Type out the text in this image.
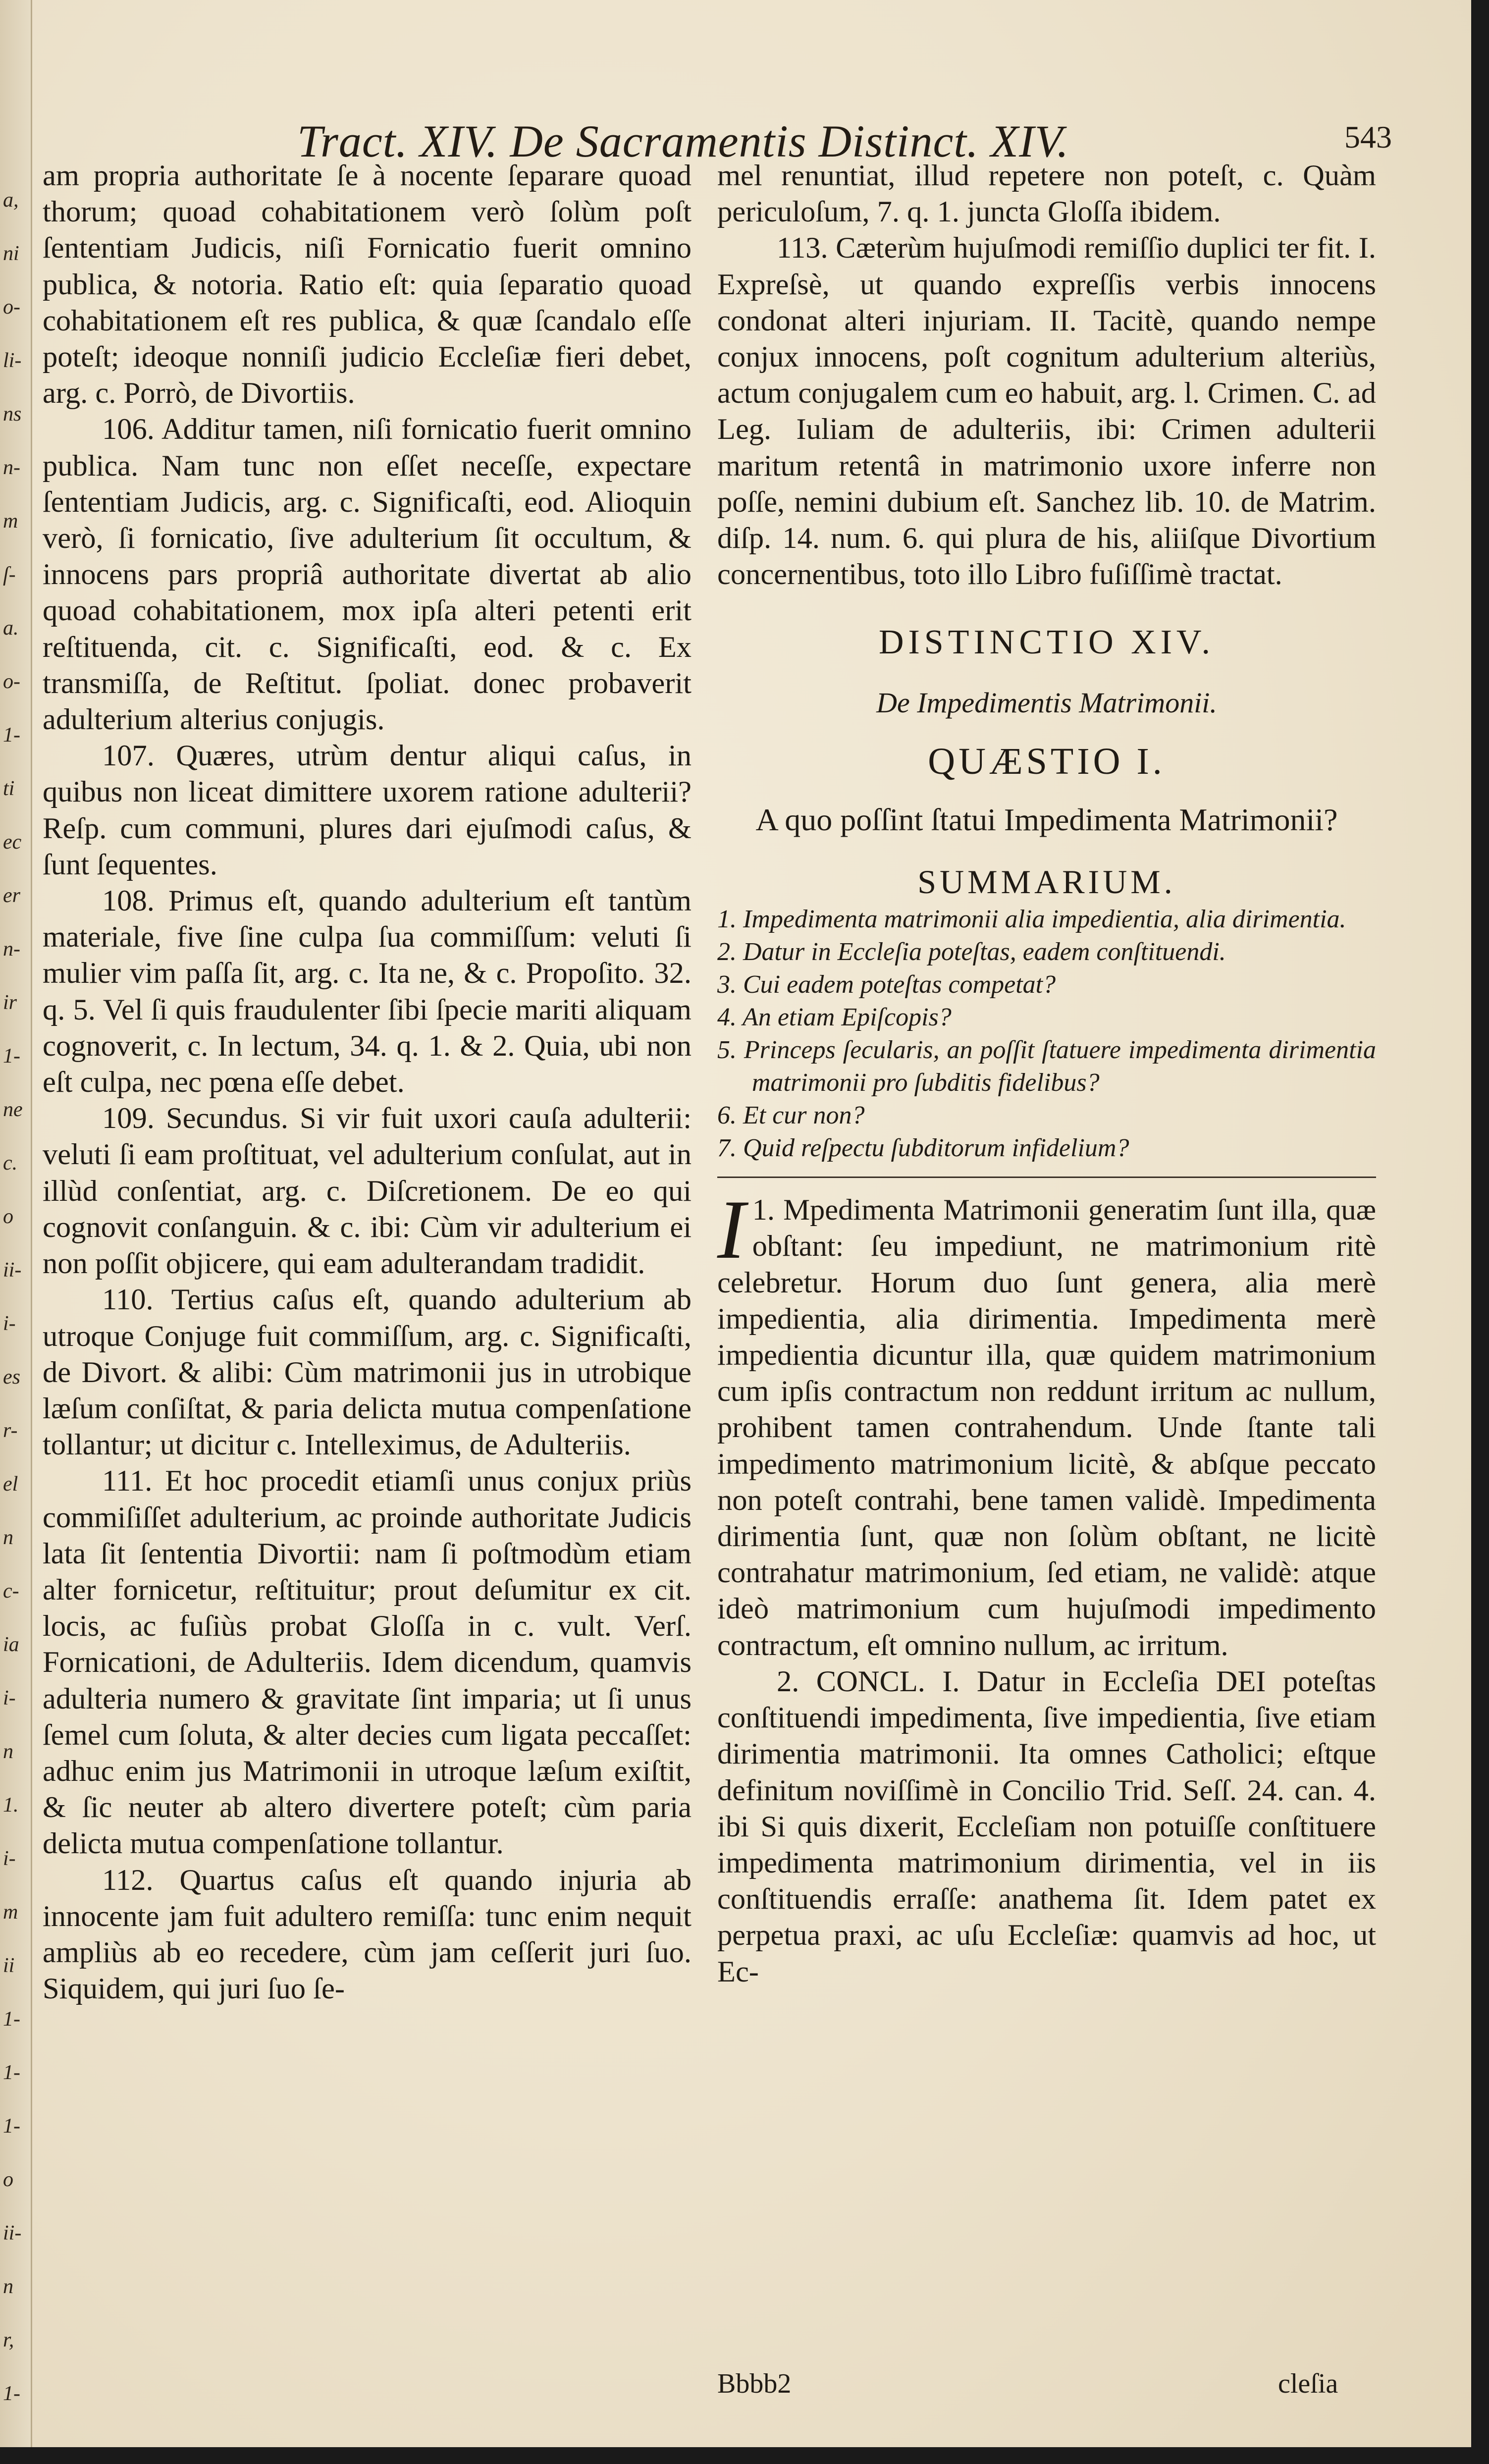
a,
ni
o-
li-
ns
n-
m
ſ-
a.
o-
1-
ti
ec
er
n-
ir
1-
ne
c.
o
ii-
i-
es
r-
el
n
c-
ia
i-
n
1.
i-
m
ii
1-
1-
1-
o
ii-
n
r,
1-
Tract. XIV. De Sacramentis Distinct. XIV.	543

am propria authoritate ſe à nocente ſeparare quoad thorum; quoad cohabitationem verò ſolùm poſt ſententiam Judicis, niſi Fornicatio fuerit omnino publica, & notoria. Ratio eſt: quia ſeparatio quoad cohabitationem eſt res publica, & quæ ſcandalo eſſe poteſt; ideoque nonniſi judicio Eccleſiæ fieri debet, arg. c. Porrò, de Divortiis.

106. Additur tamen, niſi fornicatio fuerit omnino publica. Nam tunc non eſſet neceſſe, expectare ſententiam Judicis, arg. c. Significaſti, eod. Alioquin verò, ſi fornicatio, ſive adulterium ſit occultum, & innocens pars propriâ authoritate divertat ab alio quoad cohabitationem, mox ipſa alteri petenti erit reſtituenda, cit. c. Significaſti, eod. & c. Ex transmiſſa, de Reſtitut. ſpoliat. donec probaverit adulterium alterius conjugis.

107. Quæres, utrùm dentur aliqui caſus, in quibus non liceat dimittere uxorem ratione adulterii? Reſp. cum communi, plures dari ejuſmodi caſus, & ſunt ſequentes.

108. Primus eſt, quando adulterium eſt tantùm materiale, five ſine culpa ſua commiſſum: veluti ſi mulier vim paſſa ſit, arg. c. Ita ne, & c. Propoſito. 32. q. 5. Vel ſi quis fraudulenter ſibi ſpecie mariti aliquam cognoverit, c. In lectum, 34. q. 1. & 2. Quia, ubi non eſt culpa, nec pœna eſſe debet.

109. Secundus. Si vir fuit uxori cauſa adulterii: veluti ſi eam proſtituat, vel adulterium conſulat, aut in illùd conſentiat, arg. c. Diſcretionem. De eo qui cognovit conſanguin. & c. ibi: Cùm vir adulterium ei non poſſit objicere, qui eam adulterandam tradidit.

110. Tertius caſus eſt, quando adulterium ab utroque Conjuge fuit commiſſum, arg. c. Significaſti, de Divort. & alibi: Cùm matrimonii jus in utrobique læſum conſiſtat, & paria delicta mutua compenſatione tollantur; ut dicitur c. Intelleximus, de Adulteriis.

111. Et hoc procedit etiamſi unus conjux priùs commiſiſſet adulterium, ac proinde authoritate Judicis lata ſit ſententia Divortii: nam ſi poſtmodùm etiam alter fornicetur, reſtituitur; prout deſumitur ex cit. locis, ac fuſiùs probat Gloſſa in c. vult. Verſ. Fornicationi, de Adulteriis. Idem dicendum, quamvis adulteria numero & gravitate ſint imparia; ut ſi unus ſemel cum ſoluta, & alter decies cum ligata peccaſſet: adhuc enim jus Matrimonii in utroque læſum exiſtit, & ſic neuter ab altero divertere poteſt; cùm paria delicta mutua compenſatione tollantur.

112. Quartus caſus eſt quando injuria ab innocente jam fuit adultero remiſſa: tunc enim nequit ampliùs ab eo recedere, cùm jam ceſſerit juri ſuo. Siquidem, qui juri ſuo ſe-

mel renuntiat, illud repetere non poteſt, c. Quàm periculoſum, 7. q. 1. juncta Gloſſa ibidem.

113. Cæterùm hujuſmodi remiſſio duplici ter fit. I. Expreſsè, ut quando expreſſis verbis innocens condonat alteri injuriam. II. Tacitè, quando nempe conjux innocens, poſt cognitum adulterium alteriùs, actum conjugalem cum eo habuit, arg. l. Crimen. C. ad Leg. Iuliam de adulteriis, ibi: Crimen adulterii maritum retentâ in matrimonio uxore inferre non poſſe, nemini dubium eſt. Sanchez lib. 10. de Matrim. diſp. 14. num. 6. qui plura de his, aliiſque Divortium concernentibus, toto illo Libro fuſiſſimè tractat.

DISTINCTIO XIV.

De Impedimentis Matrimonii.

QUÆSTIO I.

A quo poſſint ſtatui Impedimenta Matrimonii?

SUMMARIUM.

1. Impedimenta matrimonii alia impedientia, alia dirimentia.
2. Datur in Eccleſia poteſtas, eadem conſtituendi.
3. Cui eadem poteſtas competat?
4. An etiam Epiſcopis?
5. Princeps ſecularis, an poſſit ſtatuere impedimenta dirimentia matrimonii pro ſubditis fidelibus?
6. Et cur non?
7. Quid reſpectu ſubditorum infidelium?

1.
I Mpedimenta Matrimonii generatim ſunt illa, quæ obſtant: ſeu impediunt, ne matrimonium ritè celebretur. Horum duo ſunt genera, alia merè impedientia, alia dirimentia. Impedimenta merè impedientia dicuntur illa, quæ quidem matrimonium cum ipſis contractum non reddunt irritum ac nullum, prohibent tamen contrahendum. Unde ſtante tali impedimento matrimonium licitè, & abſque peccato non poteſt contrahi, bene tamen validè. Impedimenta dirimentia ſunt, quæ non ſolùm obſtant, ne licitè contrahatur matrimonium, ſed etiam, ne validè: atque ideò matrimonium cum hujuſmodi impedimento contractum, eſt omnino nullum, ac irritum.

2. CONCL. I. Datur in Eccleſia DEI poteſtas conſtituendi impedimenta, ſive impedientia, ſive etiam dirimentia matrimonii. Ita omnes Catholici; eſtque definitum noviſſimè in Concilio Trid. Seſſ. 24. can. 4. ibi Si quis dixerit, Eccleſiam non potuiſſe conſtituere impedimenta matrimonium dirimentia, vel in iis conſtituendis erraſſe: anathema ſit. Idem patet ex perpetua praxi, ac uſu Eccleſiæ: quamvis ad hoc, ut Ec-

Bbbb2	cleſia
